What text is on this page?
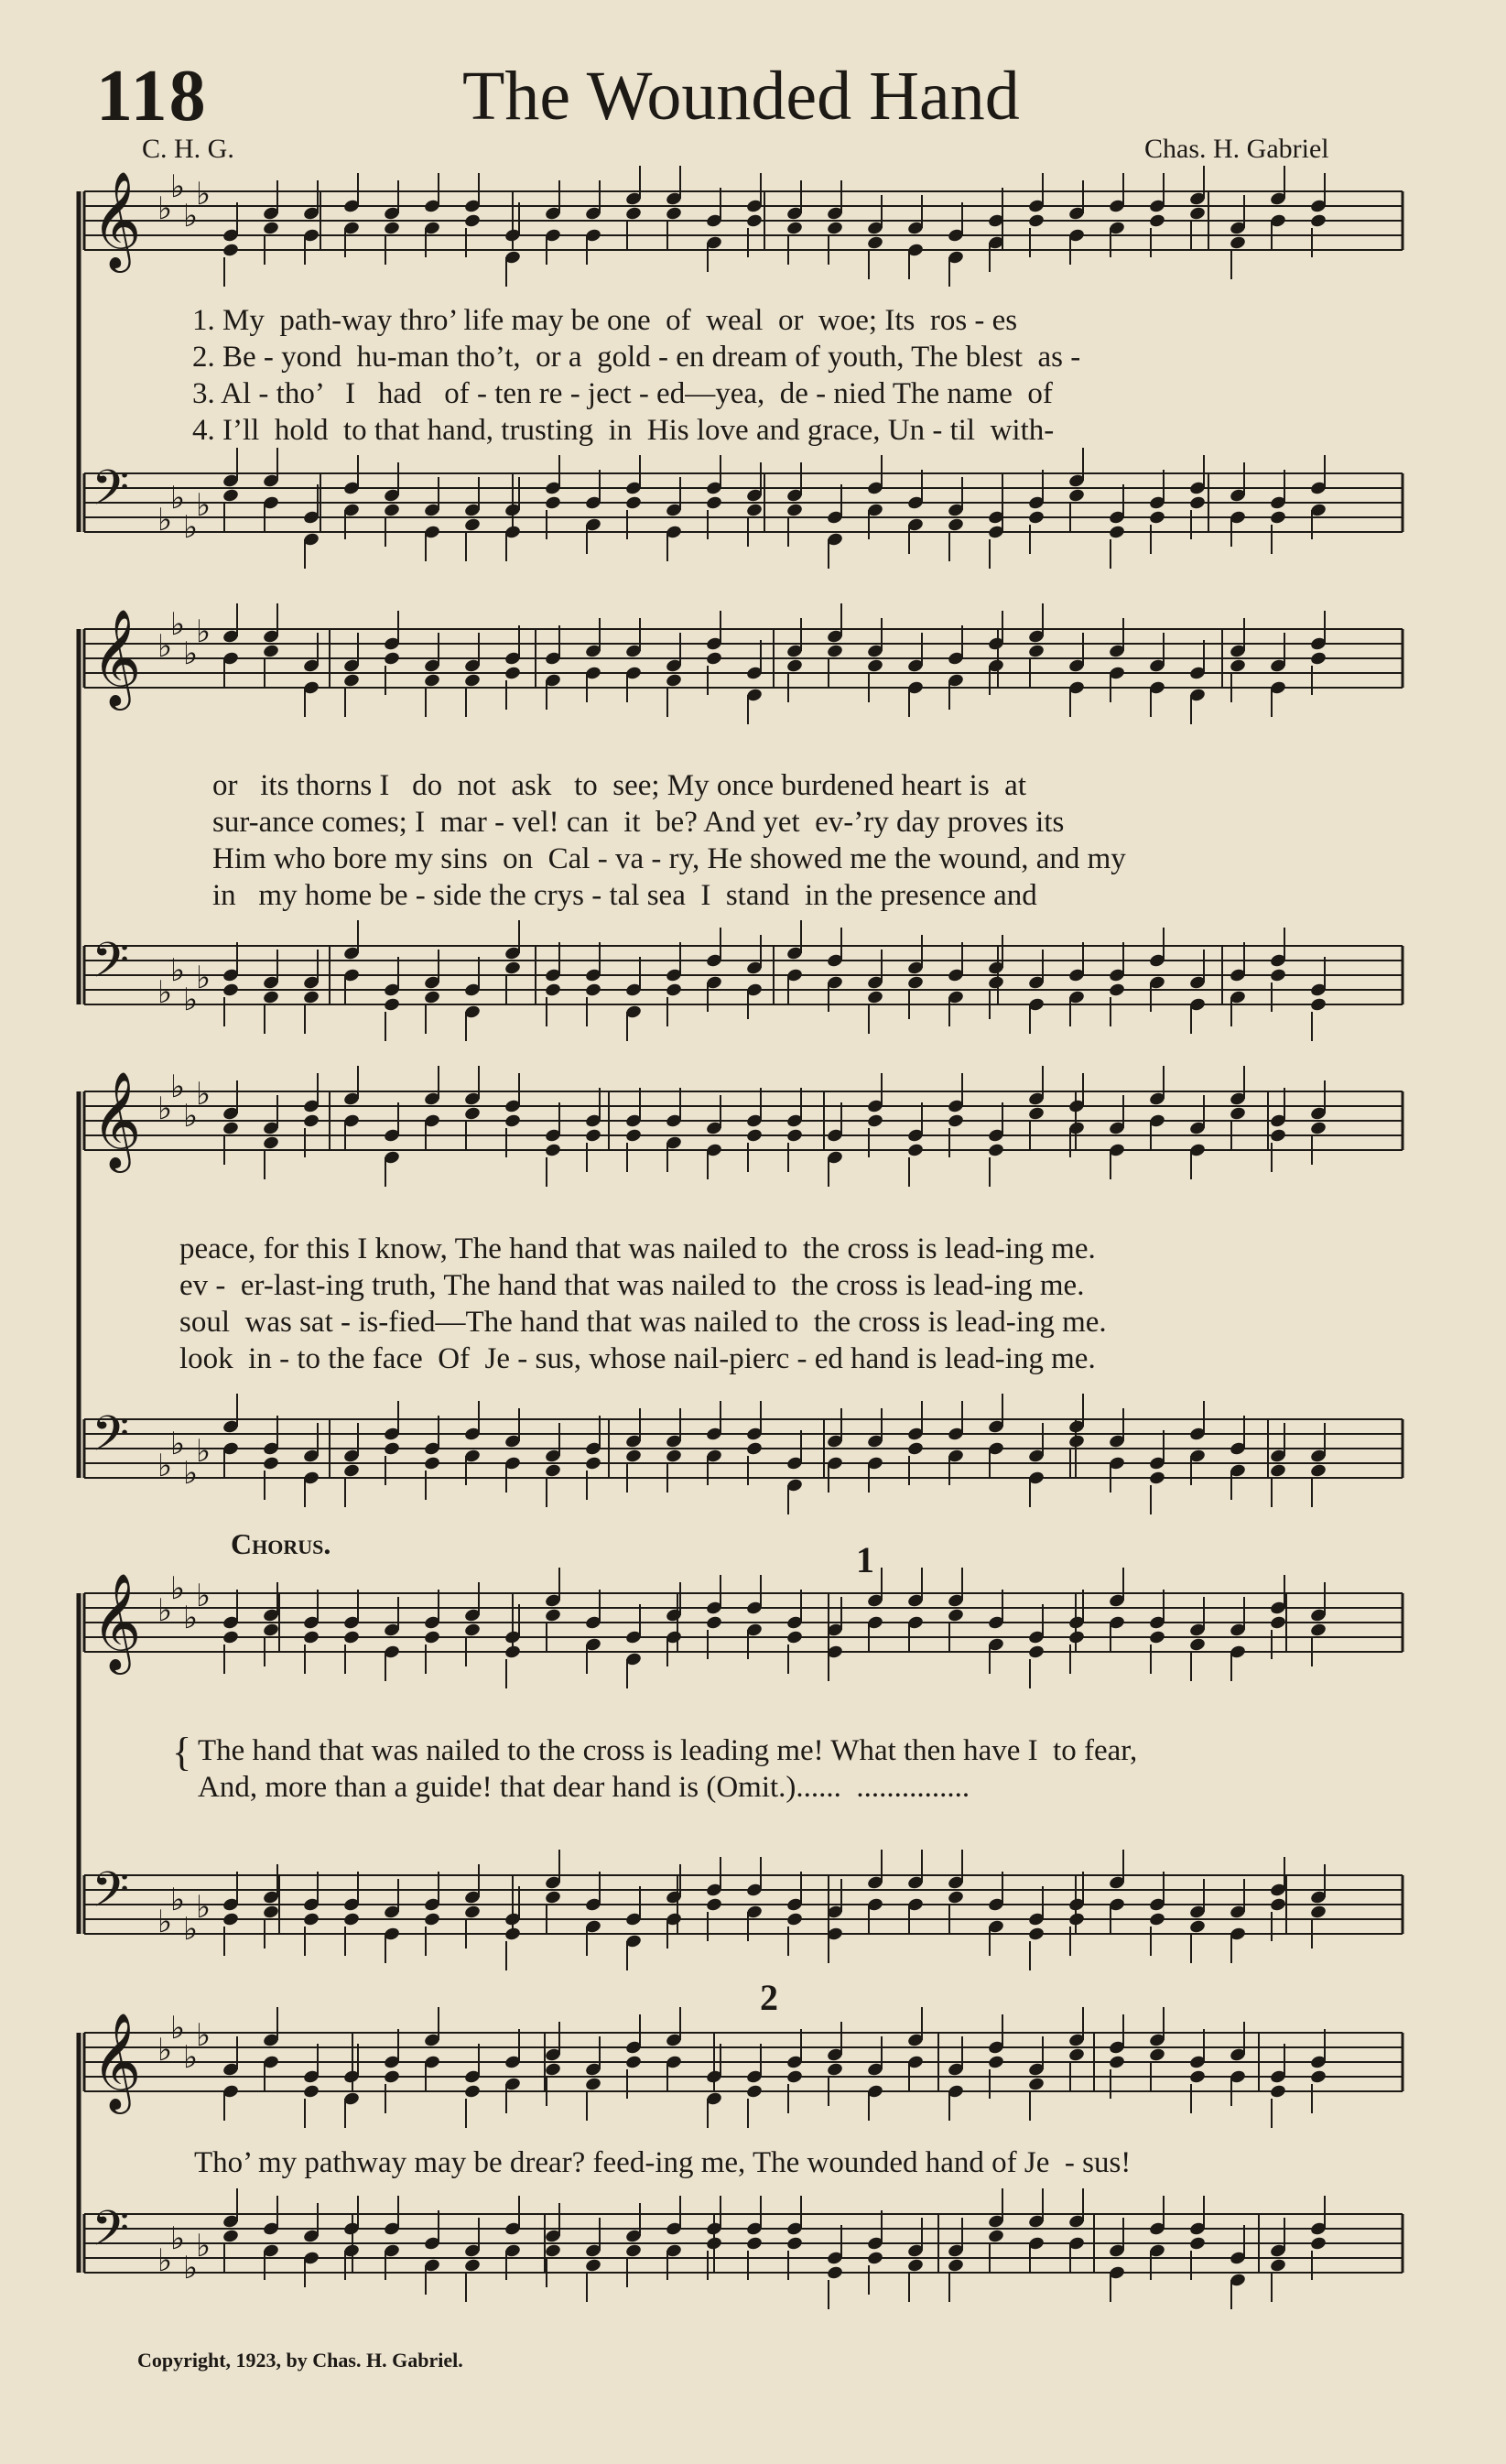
118	The Wounded Hand
C. H. G.	Chas. H. Gabriel
𝄞 ♭
♭
♭
♭
𝄢 ♭
♭
♭
♭
1. My  path-way thro’ life may be one  of  weal  or  woe; Its  ros - es
2. Be - yond  hu-man tho’t,  or a  gold - en dream of youth, The blest  as -
3. Al - tho’   I   had   of - ten re - ject - ed—yea,  de - nied The name  of
4. I’ll  hold  to that hand, trusting  in  His love and grace, Un - til  with-
𝄞 ♭
♭
♭
♭
𝄢 ♭
♭
♭
♭
or   its thorns I   do  not  ask   to  see; My once burdened heart is  at
sur-ance comes; I  mar - vel! can  it  be? And yet  ev-’ry day proves its
Him who bore my sins  on  Cal - va - ry, He showed me the wound, and my
in   my home be - side the crys - tal sea  I  stand  in the presence and
𝄞 ♭
♭
♭
♭
𝄢 ♭
♭
♭
♭
peace, for this I know, The hand that was nailed to  the cross is lead-ing me.
ev -  er-last-ing truth, The hand that was nailed to  the cross is lead-ing me.
soul  was sat - is-fied—The hand that was nailed to  the cross is lead-ing me.
look  in - to the face  Of  Je - sus, whose nail-pierc - ed hand is lead-ing me.
Chorus.	1
𝄞 ♭
♭
♭
♭
𝄢 ♭
♭
♭
♭
{ The hand that was nailed to the cross is leading me! What then have I  to fear,
And, more than a guide! that dear hand is (Omit.)......  ...............
2
𝄞 ♭
♭
♭
♭
𝄢 ♭
♭
♭
♭
Tho’ my pathway may be drear? feed-ing me, The wounded hand of Je  - sus!
Copyright, 1923, by Chas. H. Gabriel.
